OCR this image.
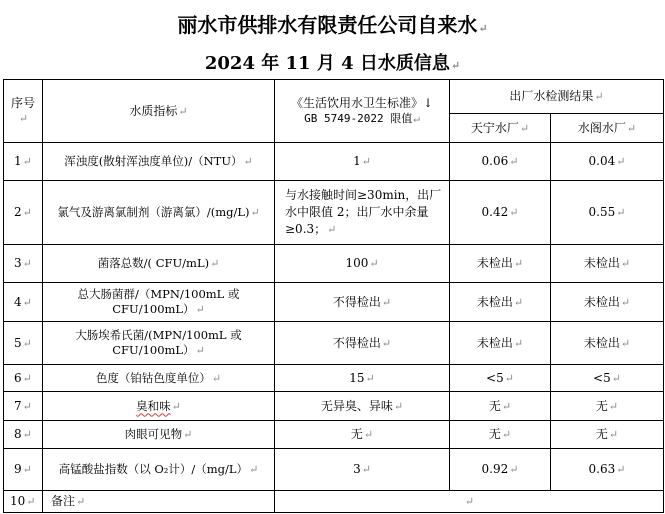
丽水市供排水有限责任公司自来水↵
2024 年 11 月 4 日水质信息↵
序号↵	水质指标↵	《生活饮用水卫生标准》↓
GB 5749-2022 限值↵	出厂水检测结果↵	
			天宁水厂↵	水阁水厂↵
1↵	浑浊度(散射浑浊度单位)/（NTU）↵	1↵	0.06↵	0.04↵
2↵	氯气及游离氯制剂（游离氯）/(mg/L)↵	与水接触时间≥30min，出厂水中限值 2；出厂水中余量≥0.3；↵	0.42↵	0.55↵
3↵	菌落总数/( CFU/mL)↵	100↵	未检出↵	未检出↵
4↵	总大肠菌群/（MPN/100mL 或 CFU/100mL）↵	不得检出↵	未检出↵	未检出↵
5↵	大肠埃希氏菌/(MPN/100mL 或 CFU/100mL）↵	不得检出↵	未检出↵	未检出↵
6↵	色度（铂钴色度单位）↵	15↵	<5↵	<5↵
7↵	臭和味↵	无异臭、异味↵	无↵	无↵
8↵	肉眼可见物↵	无↵	无↵	无↵
9↵	高锰酸盐指数（以 O₂计）/（mg/L）↵	3↵	0.92↵	0.63↵
10↵	备注↵	↵		
